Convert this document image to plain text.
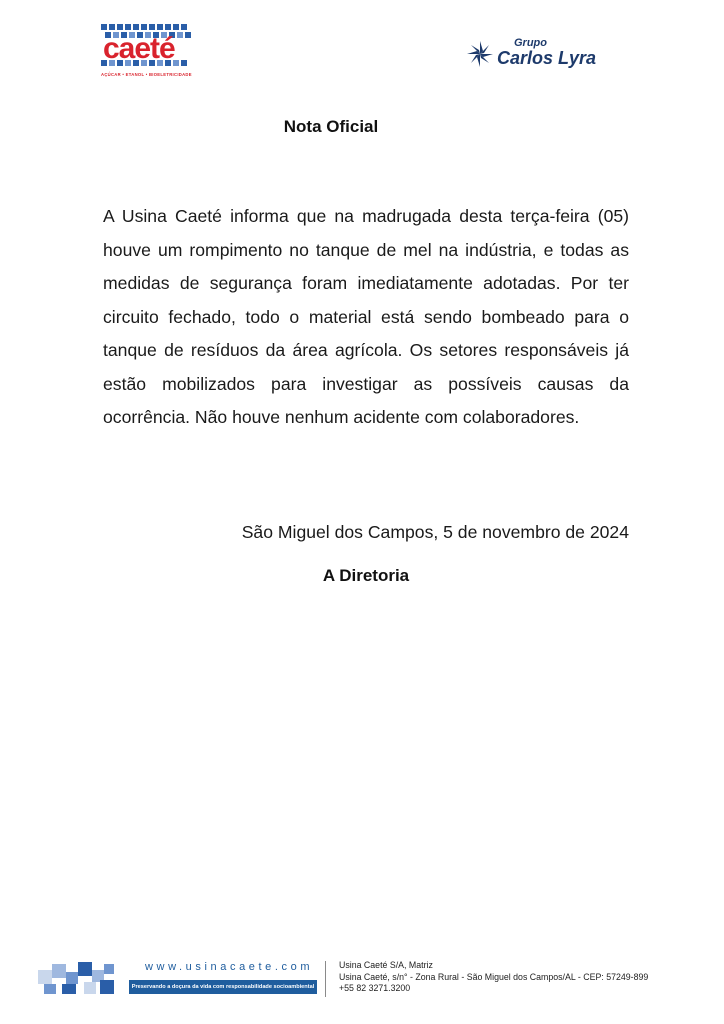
caeté
AÇÚCAR • ETANOL • BIOELETRICIDADE
Grupo
Carlos Lyra
Nota Oficial

A Usina Caeté informa que na madrugada desta terça-feira (05) houve um rompimento no tanque de mel na indústria, e todas as medidas de segurança foram imediatamente adotadas. Por ter circuito fechado, todo o material está sendo bombeado para o tanque de resíduos da área agrícola. Os setores responsáveis já estão mobilizados para investigar as possíveis causas da ocorrência. Não houve nenhum acidente com colaboradores.

São Miguel dos Campos, 5 de novembro de 2024
A Diretoria
www.usinacaete.com
Preservando a doçura da vida com responsabilidade socioambiental
Usina Caeté S/A, Matriz
Usina Caeté, s/n° - Zona Rural - São Miguel dos Campos/AL - CEP: 57249-899
+55 82 3271.3200
